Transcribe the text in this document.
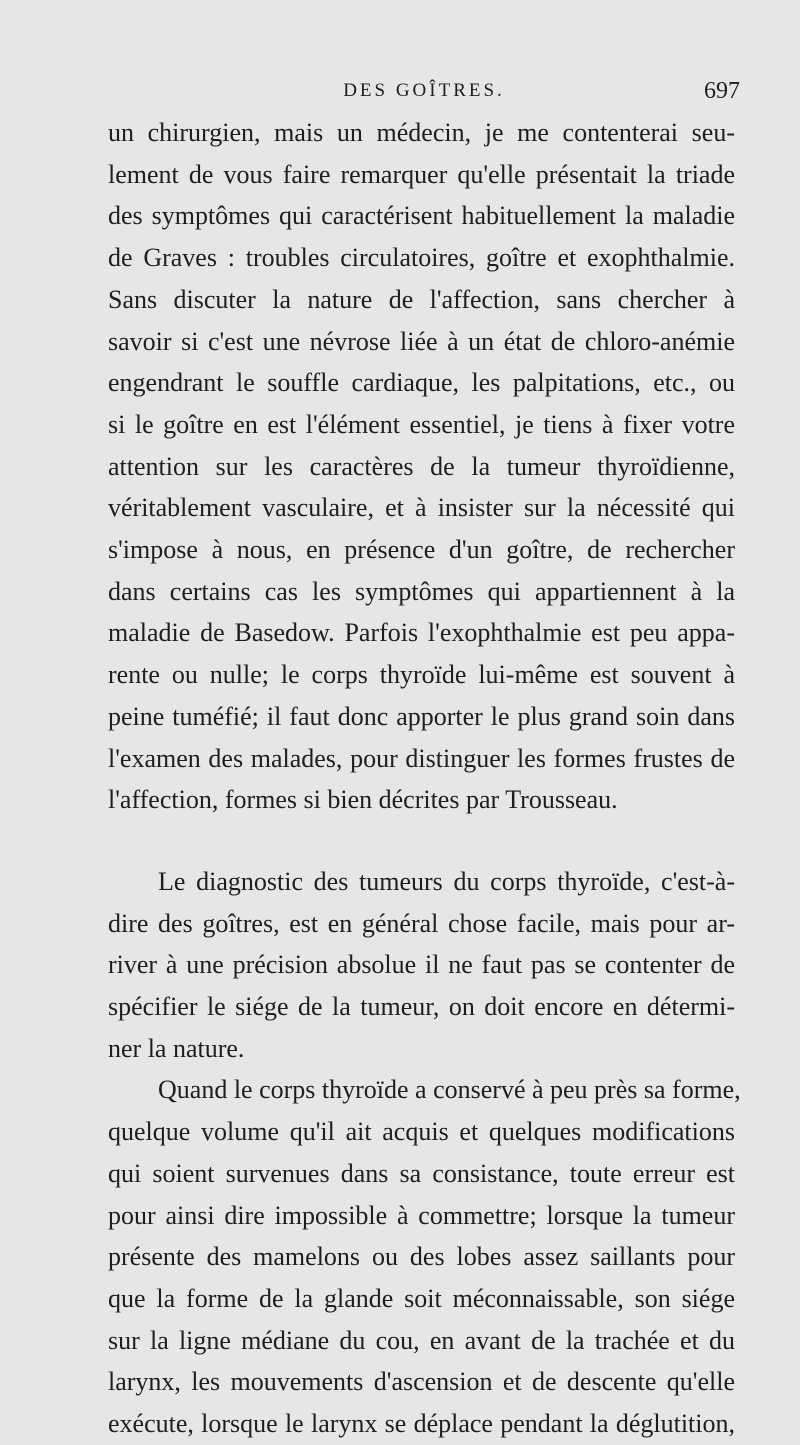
DES GOÎTRES.	697

un chirurgien, mais un médecin, je me contenterai seu-
lement de vous faire remarquer qu'elle présentait la triade
des symptômes qui caractérisent habituellement la maladie
de Graves : troubles circulatoires, goître et exophthalmie.
Sans discuter la nature de l'affection, sans chercher à
savoir si c'est une névrose liée à un état de chloro-anémie
engendrant le souffle cardiaque, les palpitations, etc., ou
si le goître en est l'élément essentiel, je tiens à fixer votre
attention sur les caractères de la tumeur thyroïdienne,
véritablement vasculaire, et à insister sur la nécessité qui
s'impose à nous, en présence d'un goître, de rechercher
dans certains cas les symptômes qui appartiennent à la
maladie de Basedow. Parfois l'exophthalmie est peu appa-
rente ou nulle; le corps thyroïde lui-même est souvent à
peine tuméfié; il faut donc apporter le plus grand soin dans
l'examen des malades, pour distinguer les formes frustes de
l'affection, formes si bien décrites par Trousseau.

Le diagnostic des tumeurs du corps thyroïde, c'est-à-
dire des goîtres, est en général chose facile, mais pour ar-
river à une précision absolue il ne faut pas se contenter de
spécifier le siége de la tumeur, on doit encore en détermi-
ner la nature.

Quand le corps thyroïde a conservé à peu près sa forme,
quelque volume qu'il ait acquis et quelques modifications
qui soient survenues dans sa consistance, toute erreur est
pour ainsi dire impossible à commettre; lorsque la tumeur
présente des mamelons ou des lobes assez saillants pour
que la forme de la glande soit méconnaissable, son siége
sur la ligne médiane du cou, en avant de la trachée et du
larynx, les mouvements d'ascension et de descente qu'elle
exécute, lorsque le larynx se déplace pendant la déglutition,
